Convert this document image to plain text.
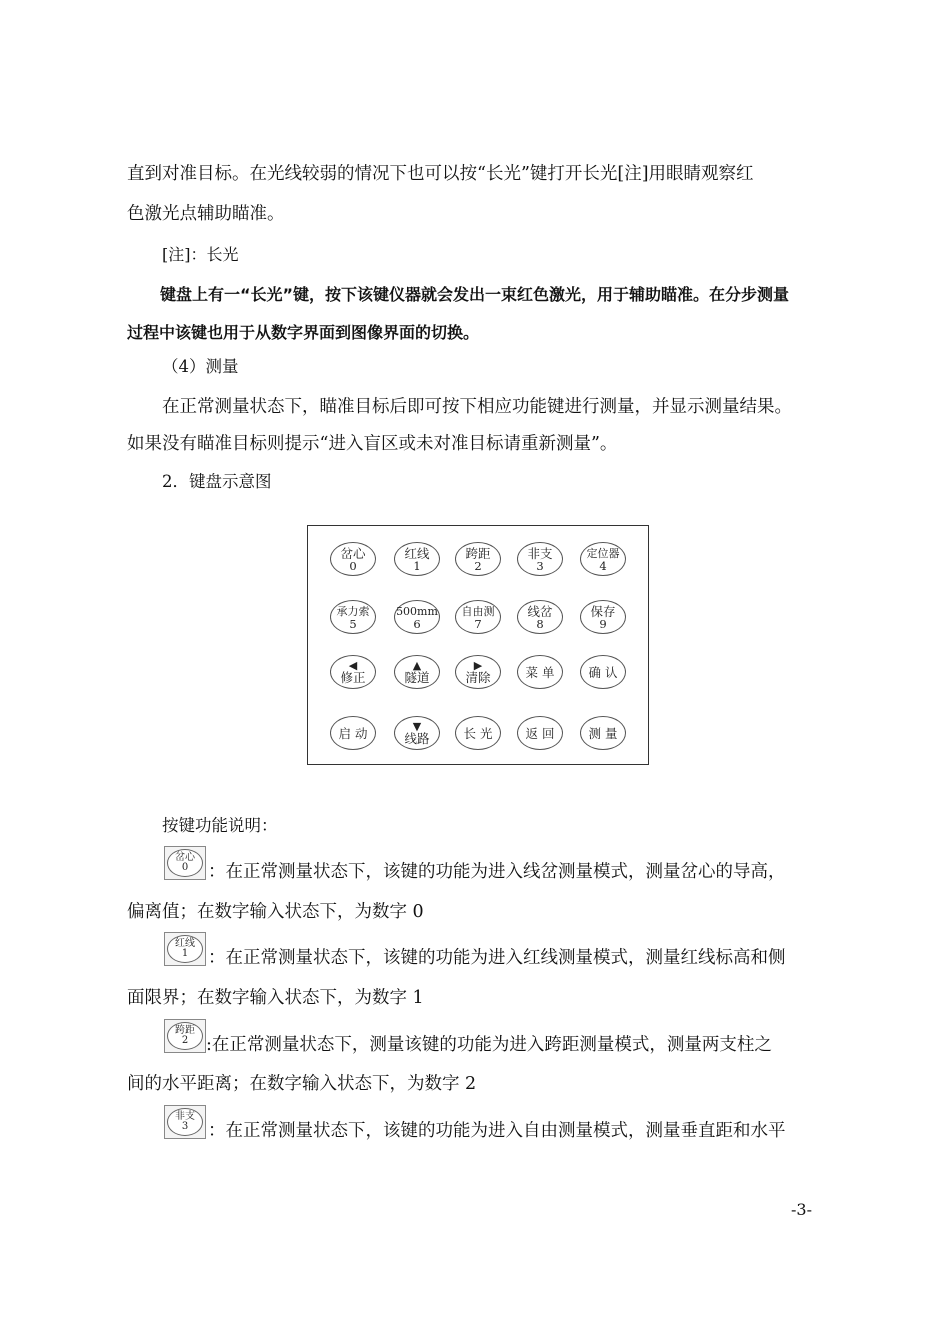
直到对准目标。在光线较弱的情况下也可以按“长光”键打开长光[注]用眼睛观察红
色激光点辅助瞄准。
[注]：长光
键盘上有一“长光”键，按下该键仪器就会发出一束红色激光，用于辅助瞄准。在分步测量
过程中该键也用于从数字界面到图像界面的切换。
（4）测量
在正常测量状态下，瞄准目标后即可按下相应功能键进行测量，并显示测量结果。
如果没有瞄准目标则提示“进入盲区或未对准目标请重新测量”。
2．键盘示意图
岔心
0
红线
1
跨距
2
非支
3
定位器
4
承力索
5
500mm
6
自由测
7
线岔
8
保存
9
◀
修正
▲
隧道
▶
清除	菜 单	确 认
启 动	▼
线路	长 光	返 回	测 量
按键功能说明：
岔心
0 ：在正常测量状态下，该键的功能为进入线岔测量模式，测量岔心的导高，
偏离值；在数字输入状态下，为数字 0
红线
1 ：在正常测量状态下，该键的功能为进入红线测量模式，测量红线标高和侧
面限界；在数字输入状态下，为数字 1
跨距
2 :在正常测量状态下，测量该键的功能为进入跨距测量模式，测量两支柱之
间的水平距离；在数字输入状态下，为数字 2
非支
3 ：在正常测量状态下，该键的功能为进入自由测量模式，测量垂直距和水平
-3-
